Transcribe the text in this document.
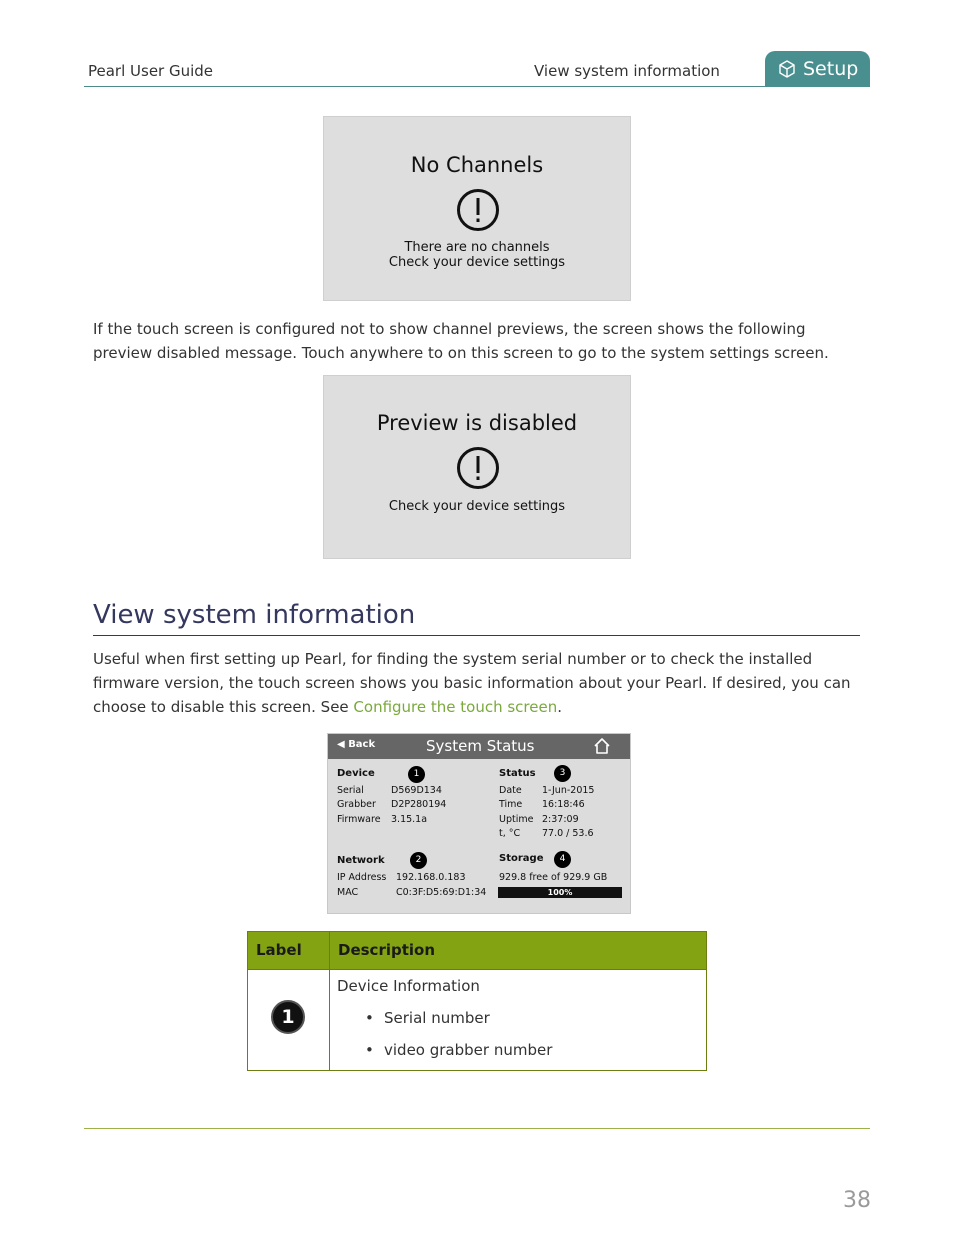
Pearl User Guide	View system information	Setup
No Channels
There are no channels
Check your device settings
If the touch screen is configured not to show channel previews, the screen shows the following preview disabled message. Touch anywhere to on this screen to go to the system settings screen.
Preview is disabled
Check your device settings
View system information
Useful when first setting up Pearl, for finding the system serial number or to check the installed firmware version, the touch screen shows you basic information about your Pearl. If desired, you can choose to disable this screen. See Configure the touch screen.
◀ Back	System Status
Device	1
Serial	D569D134
Grabber D2P280194
Firmware 3.15.1a
Status	3
Date 1-Jun-2015
Time 16:18:46
Uptime 2:37:09
t, °C 77.0 / 53.6
Network	2
IP Address 192.168.0.183
MAC	C0:3F:D5:69:D1:34
Storage	4
929.8 free of 929.9 GB
100%
Label Description
1
Device Information
• Serial number
• video grabber number
38
